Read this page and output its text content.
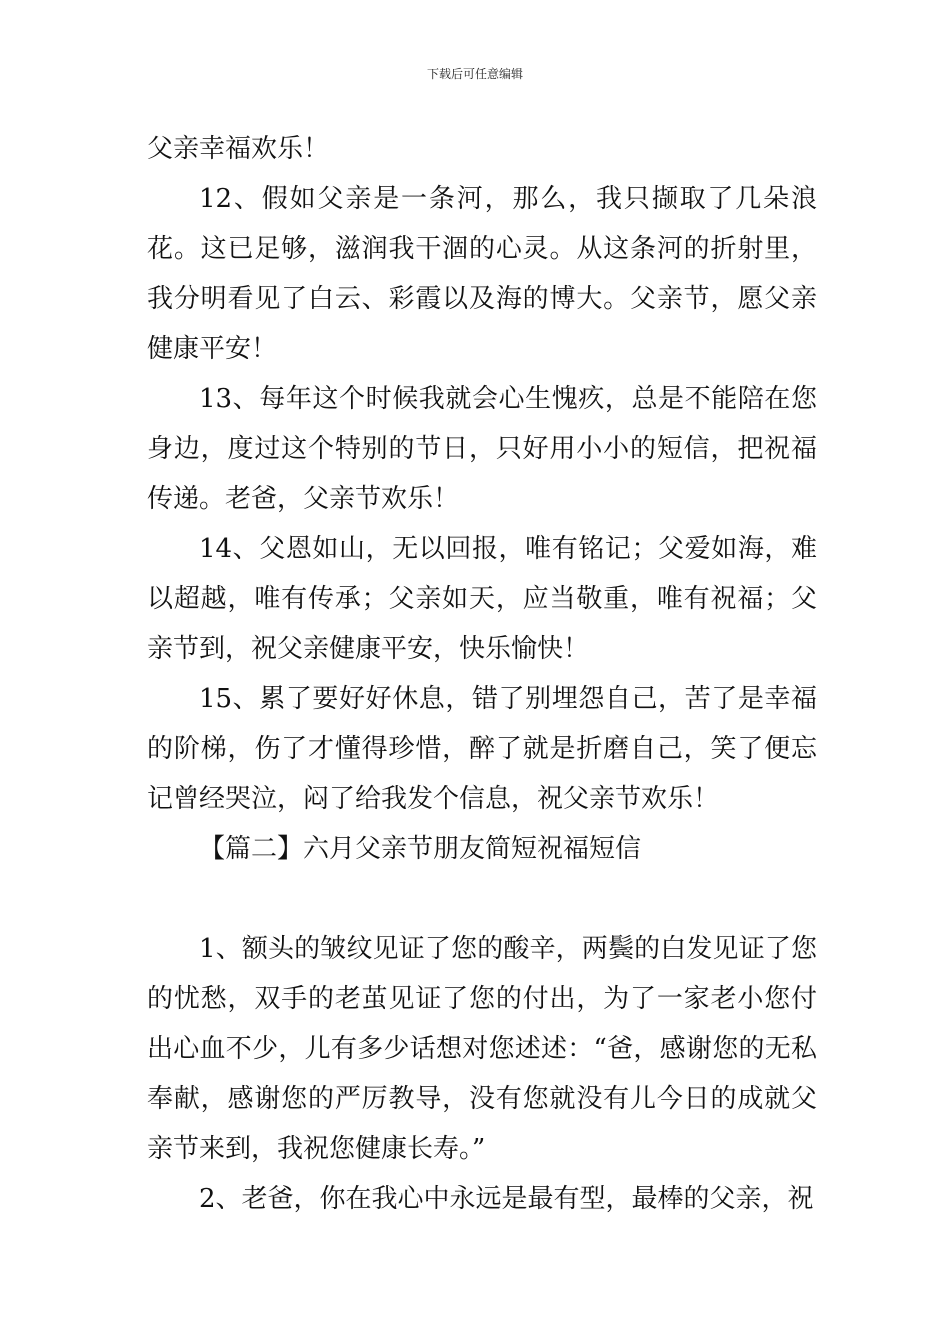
下载后可任意编辑

父亲幸福欢乐！

12、假如父亲是一条河，那么，我只撷取了几朵浪花。这已足够，滋润我干涸的心灵。从这条河的折射里，我分明看见了白云、彩霞以及海的博大。父亲节，愿父亲健康平安！

13、每年这个时候我就会心生愧疚，总是不能陪在您身边，度过这个特别的节日，只好用小小的短信，把祝福传递。老爸，父亲节欢乐！

14、父恩如山，无以回报，唯有铭记；父爱如海，难以超越，唯有传承；父亲如天，应当敬重，唯有祝福；父亲节到，祝父亲健康平安，快乐愉快！

15、累了要好好休息，错了别埋怨自己，苦了是幸福的阶梯，伤了才懂得珍惜，醉了就是折磨自己，笑了便忘记曾经哭泣，闷了给我发个信息，祝父亲节欢乐！

【篇二】六月父亲节朋友简短祝福短信

1、额头的皱纹见证了您的酸辛，两鬓的白发见证了您的忧愁，双手的老茧见证了您的付出，为了一家老小您付出心血不少，儿有多少话想对您述述：“爸，感谢您的无私奉献，感谢您的严厉教导，没有您就没有儿今日的成就父亲节来到，我祝您健康长寿。”

2、老爸，你在我心中永远是最有型，最棒的父亲，祝
